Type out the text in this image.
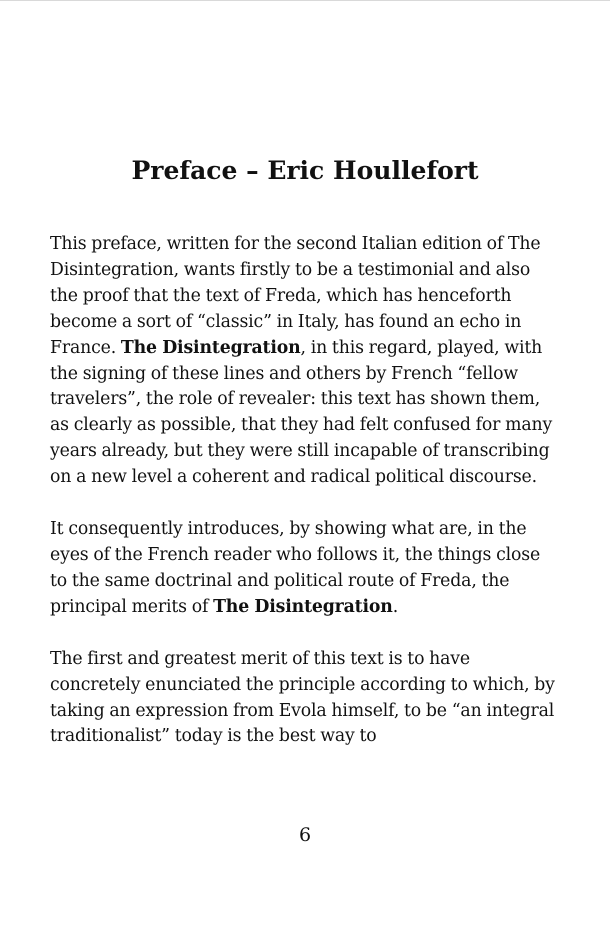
Preface – Eric Houllefort

This preface, written for the second Italian edition of The Disintegration, wants firstly to be a testimonial and also the proof that the text of Freda, which has henceforth become a sort of “classic” in Italy, has found an echo in France. The Disintegration, in this regard, played, with the signing of these lines and others by French “fellow travelers”, the role of revealer: this text has shown them, as clearly as possible, that they had felt confused for many years already, but they were still incapable of transcribing on a new level a coherent and radical political discourse.

It consequently introduces, by showing what are, in the eyes of the French reader who follows it, the things close to the same doctrinal and political route of Freda, the principal merits of The Disintegration.

The first and greatest merit of this text is to have concretely enunciated the principle according to which, by taking an expression from Evola himself, to be “an integral traditionalist” today is the best way to

6
